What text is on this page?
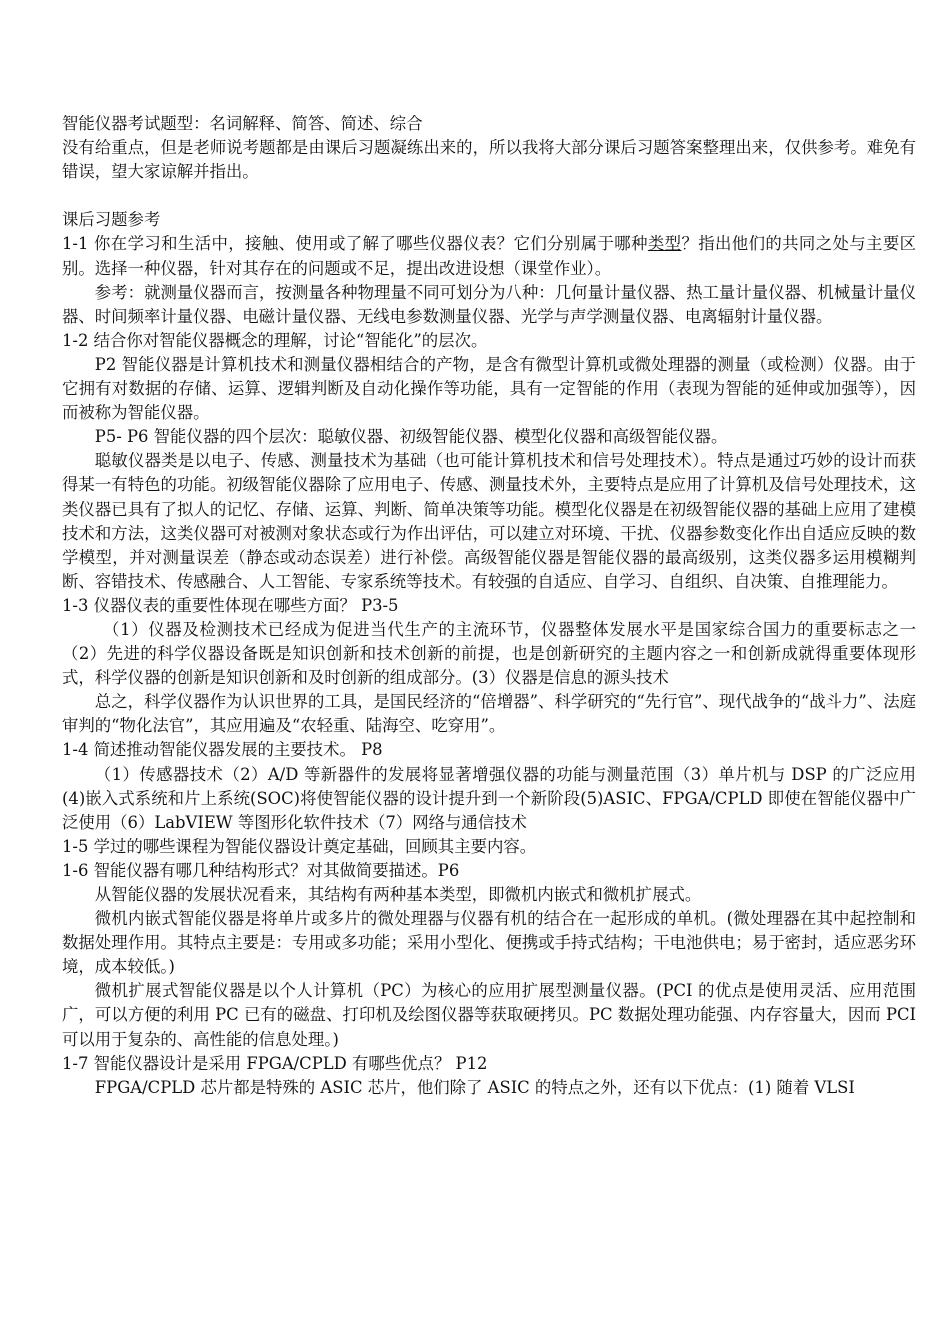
智能仪器考试题型：名词解释、简答、简述、综合

没有给重点，但是老师说考题都是由课后习题凝练出来的，所以我将大部分课后习题答案整理出来，仅供参考。难免有错误，望大家谅解并指出。

课后习题参考

1-1 你在学习和生活中，接触、使用或了解了哪些仪器仪表？它们分别属于哪种类型？指出他们的共同之处与主要区别。选择一种仪器，针对其存在的问题或不足，提出改进设想（课堂作业）。

参考：就测量仪器而言，按测量各种物理量不同可划分为八种：几何量计量仪器、热工量计量仪器、机械量计量仪器、时间频率计量仪器、电磁计量仪器、无线电参数测量仪器、光学与声学测量仪器、电离辐射计量仪器。

1-2 结合你对智能仪器概念的理解，讨论“智能化”的层次。

P2 智能仪器是计算机技术和测量仪器相结合的产物，是含有微型计算机或微处理器的测量（或检测）仪器。由于它拥有对数据的存储、运算、逻辑判断及自动化操作等功能，具有一定智能的作用（表现为智能的延伸或加强等），因而被称为智能仪器。

P5- P6 智能仪器的四个层次：聪敏仪器、初级智能仪器、模型化仪器和高级智能仪器。

聪敏仪器类是以电子、传感、测量技术为基础（也可能计算机技术和信号处理技术）。特点是通过巧妙的设计而获得某一有特色的功能。初级智能仪器除了应用电子、传感、测量技术外，主要特点是应用了计算机及信号处理技术，这类仪器已具有了拟人的记忆、存储、运算、判断、简单决策等功能。模型化仪器是在初级智能仪器的基础上应用了建模技术和方法，这类仪器可对被测对象状态或行为作出评估，可以建立对环境、干扰、仪器参数变化作出自适应反映的数学模型，并对测量误差（静态或动态误差）进行补偿。高级智能仪器是智能仪器的最高级别，这类仪器多运用模糊判断、容错技术、传感融合、人工智能、专家系统等技术。有较强的自适应、自学习、自组织、自决策、自推理能力。

1-3 仪器仪表的重要性体现在哪些方面？ P3-5

（1）仪器及检测技术已经成为促进当代生产的主流环节，仪器整体发展水平是国家综合国力的重要标志之一（2）先进的科学仪器设备既是知识创新和技术创新的前提，也是创新研究的主题内容之一和创新成就得重要体现形式，科学仪器的创新是知识创新和及时创新的组成部分。(3）仪器是信息的源头技术

总之，科学仪器作为认识世界的工具，是国民经济的“倍增器”、科学研究的“先行官”、现代战争的“战斗力”、法庭审判的“物化法官”，其应用遍及“农轻重、陆海空、吃穿用”。

1-4 简述推动智能仪器发展的主要技术。 P8

（1）传感器技术（2）A/D 等新器件的发展将显著增强仪器的功能与测量范围（3）单片机与 DSP 的广泛应用(4)嵌入式系统和片上系统(SOC)将使智能仪器的设计提升到一个新阶段(5)ASIC、FPGA/CPLD 即使在智能仪器中广泛使用（6）LabVIEW 等图形化软件技术（7）网络与通信技术

1-5 学过的哪些课程为智能仪器设计奠定基础，回顾其主要内容。

1-6 智能仪器有哪几种结构形式？对其做简要描述。P6

从智能仪器的发展状况看来，其结构有两种基本类型，即微机内嵌式和微机扩展式。

微机内嵌式智能仪器是将单片或多片的微处理器与仪器有机的结合在一起形成的单机。(微处理器在其中起控制和数据处理作用。其特点主要是：专用或多功能；采用小型化、便携或手持式结构；干电池供电；易于密封，适应恶劣环境，成本较低。)

微机扩展式智能仪器是以个人计算机（PC）为核心的应用扩展型测量仪器。(PCI 的优点是使用灵活、应用范围广，可以方便的利用 PC 已有的磁盘、打印机及绘图仪器等获取硬拷贝。PC 数据处理功能强、内存容量大，因而 PCI 可以用于复杂的、高性能的信息处理。)

1-7 智能仪器设计是采用 FPGA/CPLD 有哪些优点？ P12

FPGA/CPLD 芯片都是特殊的 ASIC 芯片，他们除了 ASIC 的特点之外，还有以下优点：(1) 随着 VLSI
